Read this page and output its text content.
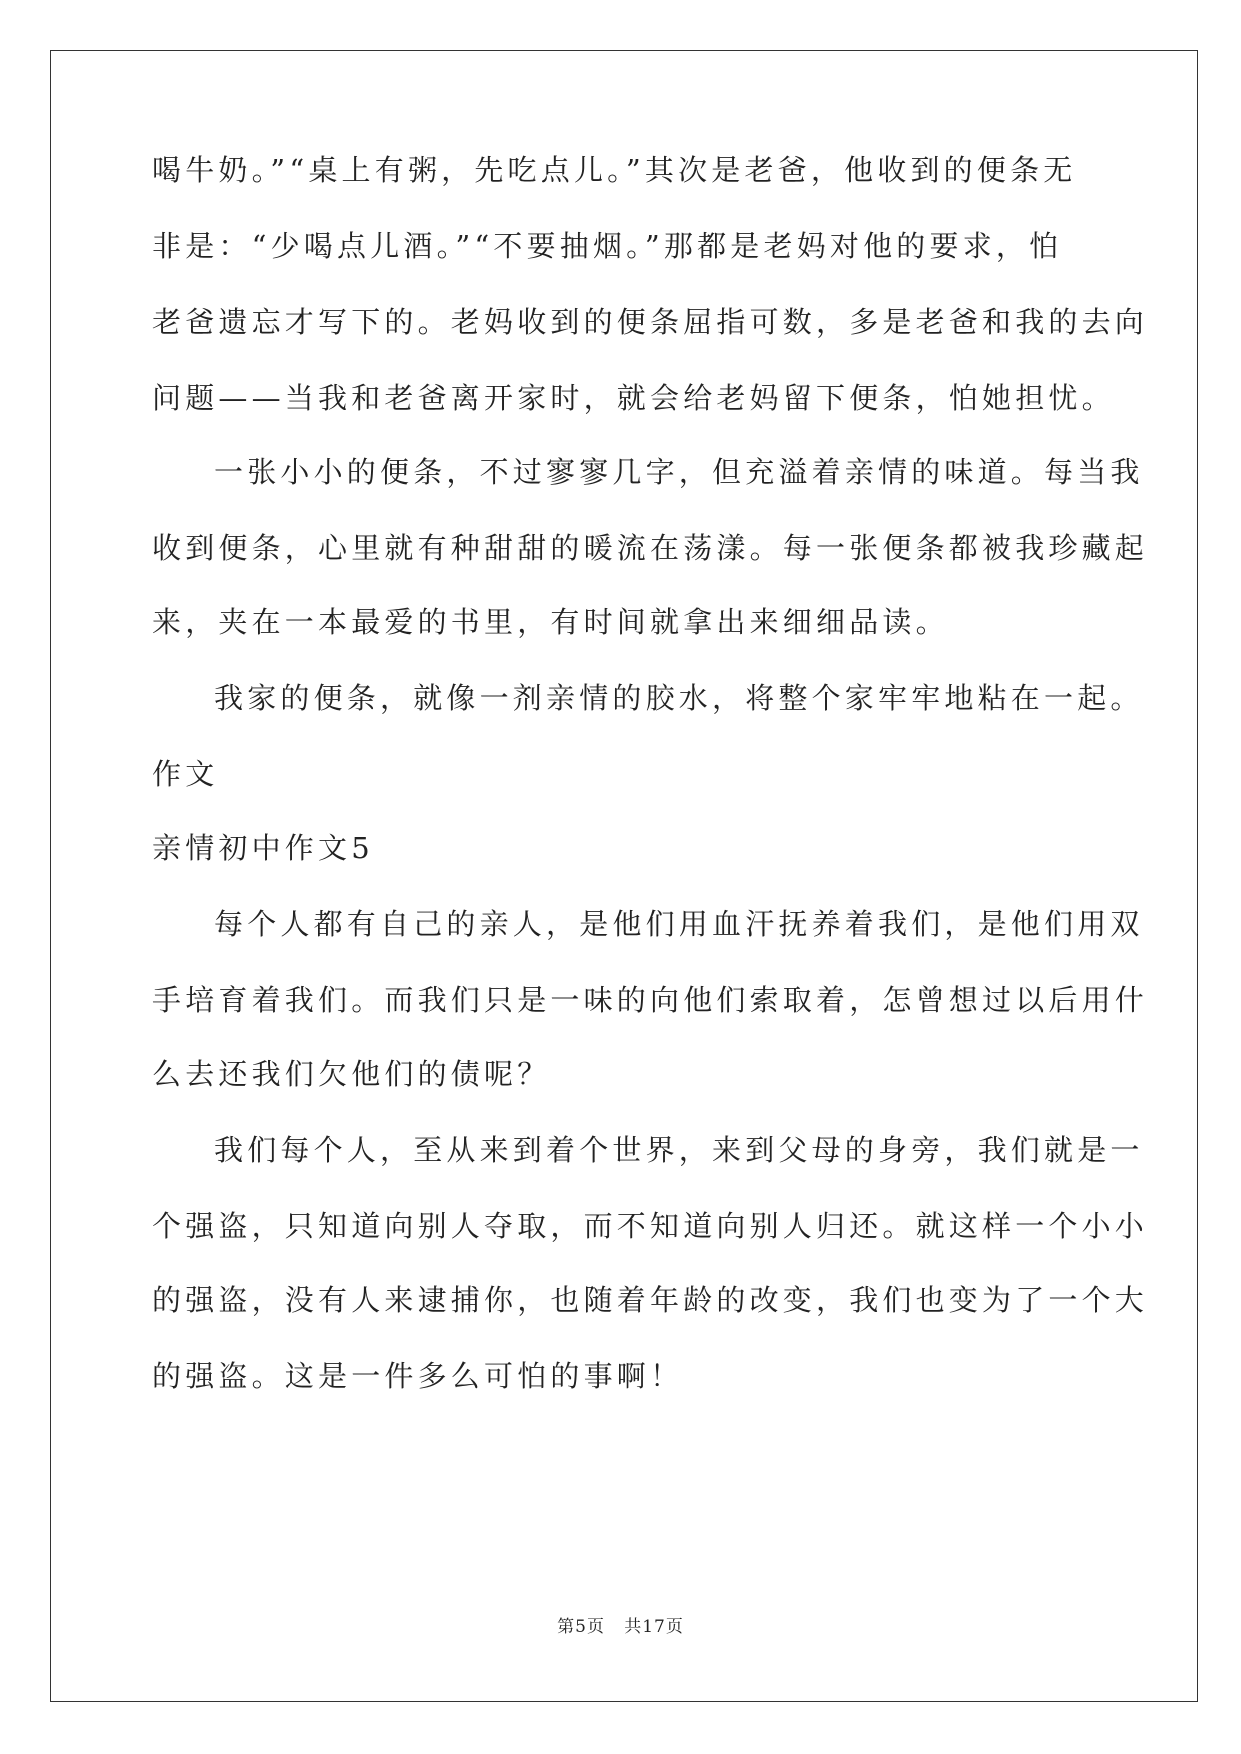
喝牛奶。”“桌上有粥，先吃点儿。”其次是老爸，他收到的便条无
非是：“少喝点儿酒。”“不要抽烟。”那都是老妈对他的要求，怕
老爸遗忘才写下的。老妈收到的便条屈指可数，多是老爸和我的去向
问题——当我和老爸离开家时，就会给老妈留下便条，怕她担忧。
一张小小的便条，不过寥寥几字，但充溢着亲情的味道。每当我
收到便条，心里就有种甜甜的暖流在荡漾。每一张便条都被我珍藏起
来，夹在一本最爱的书里，有时间就拿出来细细品读。
我家的便条，就像一剂亲情的胶水，将整个家牢牢地粘在一起。
作文
亲情初中作文5
每个人都有自己的亲人，是他们用血汗抚养着我们，是他们用双
手培育着我们。而我们只是一味的向他们索取着，怎曾想过以后用什
么去还我们欠他们的债呢？
我们每个人，至从来到着个世界，来到父母的身旁，我们就是一
个强盗，只知道向别人夺取，而不知道向别人归还。就这样一个小小
的强盗，没有人来逮捕你，也随着年龄的改变，我们也变为了一个大
的强盗。这是一件多么可怕的事啊！
第5页 共17页
